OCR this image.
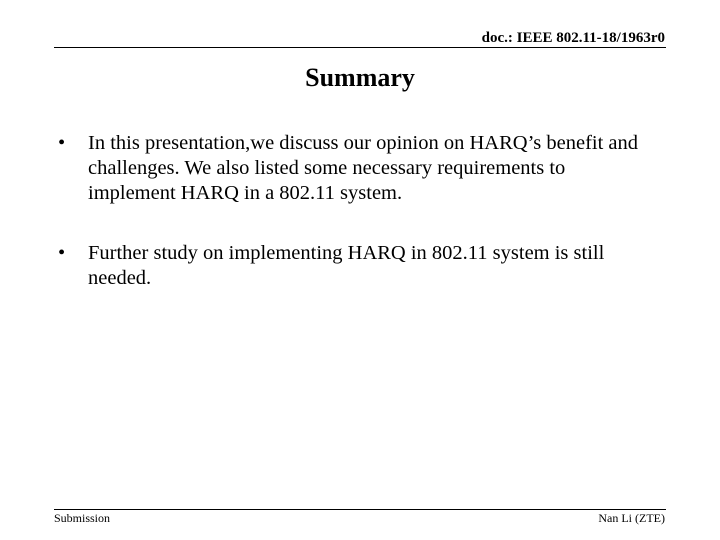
doc.: IEEE 802.11-18/1963r0
Summary
• In this presentation,we discuss our opinion on HARQ’s benefit and challenges. We also listed some necessary requirements to implement HARQ in a 802.11 system.
• Further study on implementing HARQ in 802.11 system is still needed.
Submission	Nan Li (ZTE)
